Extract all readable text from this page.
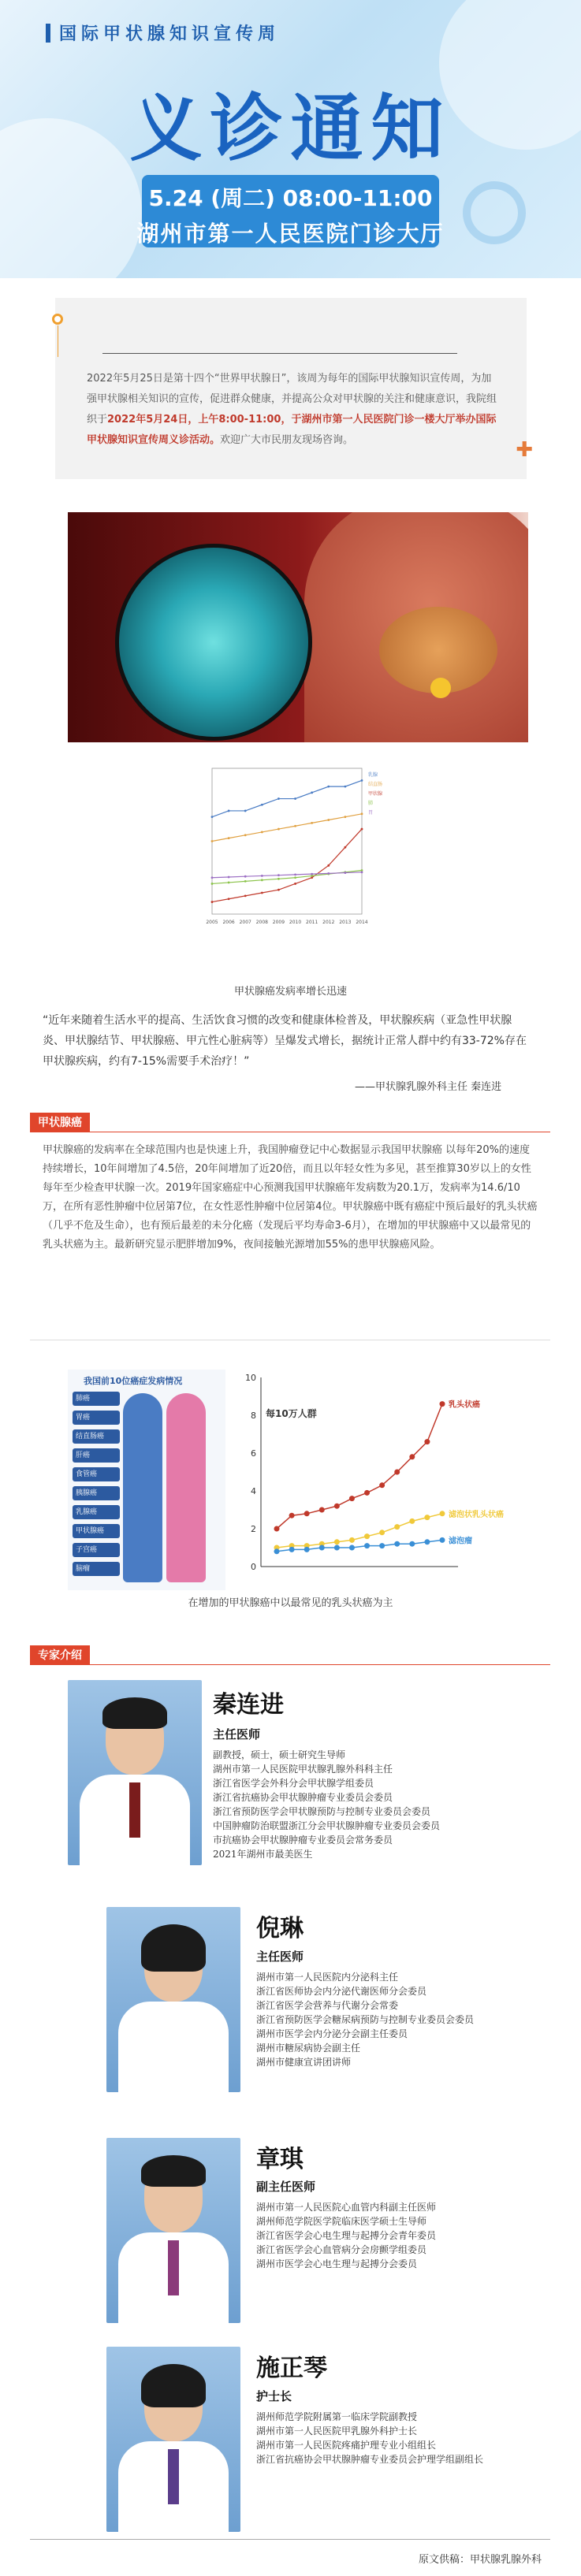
国际甲状腺知识宣传周
义诊通知
5.24 (周二) 08:00-11:00
湖州市第一人民医院门诊大厅
2022年5月25日是第十四个“世界甲状腺日”，该周为每年的国际甲状腺知识宣传周，为加强甲状腺相关知识的宣传，促进群众健康，并提高公众对甲状腺的关注和健康意识，我院组织于2022年5月24日，上午8:00-11:00，于湖州市第一人民医院门诊一楼大厅举办国际甲状腺知识宣传周义诊活动。欢迎广大市民朋友现场咨询。	✚
2005 2006 2007 2008 2009 2010 2011 2012 2013 2014
乳腺
结直肠
甲状腺
肺
胃
甲状腺癌发病率增长迅速
“近年来随着生活水平的提高、生活饮食习惯的改变和健康体检普及，甲状腺疾病（亚急性甲状腺炎、甲状腺结节、甲状腺癌、甲亢性心脏病等）呈爆发式增长，据统计正常人群中约有33-72%存在甲状腺疾病，约有7-15%需要手术治疗！”
——甲状腺乳腺外科主任 秦连进
甲状腺癌
甲状腺癌的发病率在全球范围内也是快速上升，我国肿瘤登记中心数据显示我国甲状腺癌 以每年20%的速度持续增长，10年间增加了4.5倍，20年间增加了近20倍，而且以年轻女性为多见，甚至推算30岁以上的女性每年至少检查甲状腺一次。2019年国家癌症中心预测我国甲状腺癌年发病数为20.1万，发病率为14.6/10万，在所有恶性肿瘤中位居第7位，在女性恶性肿瘤中位居第4位。甲状腺癌中既有癌症中预后最好的乳头状癌（几乎不危及生命），也有预后最差的未分化癌（发现后平均寿命3-6月），在增加的甲状腺癌中又以最常见的乳头状癌为主。最新研究显示肥胖增加9%，夜间接触光源增加55%的患甲状腺癌风险。
我国前10位癌症发病情况
肺癌
胃癌
结直肠癌
肝癌
食管癌
胰腺癌
乳腺癌
甲状腺癌
子宫癌
脑瘤	0
2
4
6
8
10
每10万人群
乳头状癌
滤泡状乳头状癌
滤泡瘤
在增加的甲状腺癌中以最常见的乳头状癌为主
专家介绍
秦连进
主任医师
副教授，硕士，硕士研究生导师
湖州市第一人民医院甲状腺乳腺外科科主任
浙江省医学会外科分会甲状腺学组委员
浙江省抗癌协会甲状腺肿瘤专业委员会委员
浙江省预防医学会甲状腺预防与控制专业委员会委员
中国肿瘤防治联盟浙江分会甲状腺肿瘤专业委员会委员
市抗癌协会甲状腺肿瘤专业委员会常务委员
2021年湖州市最美医生
倪琳
主任医师
湖州市第一人民医院内分泌科主任
浙江省医师协会内分泌代谢医师分会委员
浙江省医学会营养与代谢分会常委
浙江省预防医学会糖尿病预防与控制专业委员会委员
湖州市医学会内分泌分会副主任委员
湖州市糖尿病协会副主任
湖州市健康宣讲团讲师
章琪
副主任医师
湖州市第一人民医院心血管内科副主任医师
湖州师范学院医学院临床医学硕士生导师
浙江省医学会心电生理与起搏分会青年委员
浙江省医学会心血管病分会房颤学组委员
湖州市医学会心电生理与起搏分会委员
施正琴
护士长
湖州师范学院附属第一临床学院副教授
湖州市第一人民医院甲乳腺外科护士长
湖州市第一人民医院疼痛护理专业小组组长
浙江省抗癌协会甲状腺肿瘤专业委员会护理学组副组长
原文供稿：甲状腺乳腺外科
